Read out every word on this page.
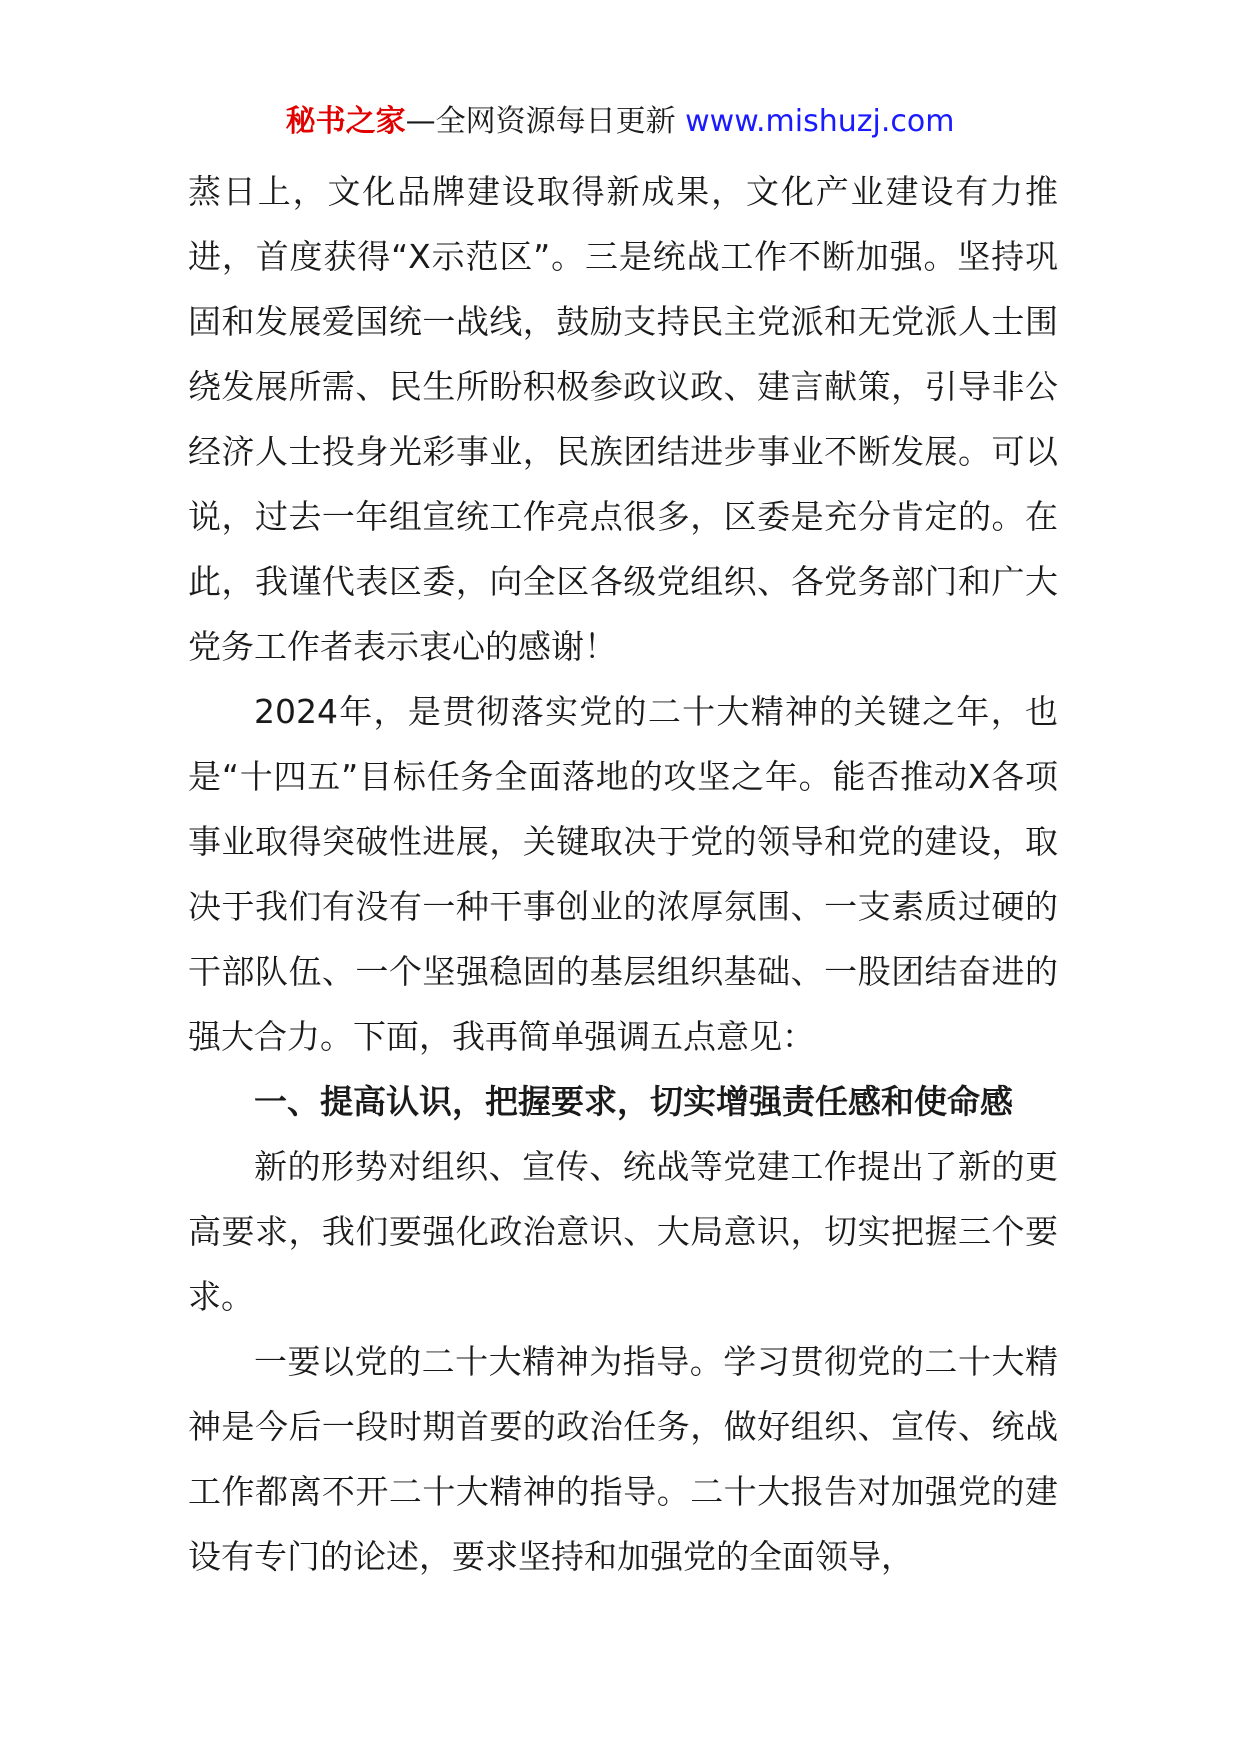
秘书之家—全网资源每日更新 www.mishuzj.com

蒸日上，文化品牌建设取得新成果，文化产业建设有力推进，首度获得“X示范区”。三是统战工作不断加强。坚持巩固和发展爱国统一战线，鼓励支持民主党派和无党派人士围绕发展所需、民生所盼积极参政议政、建言献策，引导非公经济人士投身光彩事业，民族团结进步事业不断发展。可以说，过去一年组宣统工作亮点很多，区委是充分肯定的。在此，我谨代表区委，向全区各级党组织、各党务部门和广大党务工作者表示衷心的感谢！

2024年，是贯彻落实党的二十大精神的关键之年，也是“十四五”目标任务全面落地的攻坚之年。能否推动X各项事业取得突破性进展，关键取决于党的领导和党的建设，取决于我们有没有一种干事创业的浓厚氛围、一支素质过硬的干部队伍、一个坚强稳固的基层组织基础、一股团结奋进的强大合力。下面，我再简单强调五点意见：

一、提高认识，把握要求，切实增强责任感和使命感

新的形势对组织、宣传、统战等党建工作提出了新的更高要求，我们要强化政治意识、大局意识，切实把握三个要求。

一要以党的二十大精神为指导。学习贯彻党的二十大精神是今后一段时期首要的政治任务，做好组织、宣传、统战工作都离不开二十大精神的指导。二十大报告对加强党的建设有专门的论述，要求坚持和加强党的全面领导，
